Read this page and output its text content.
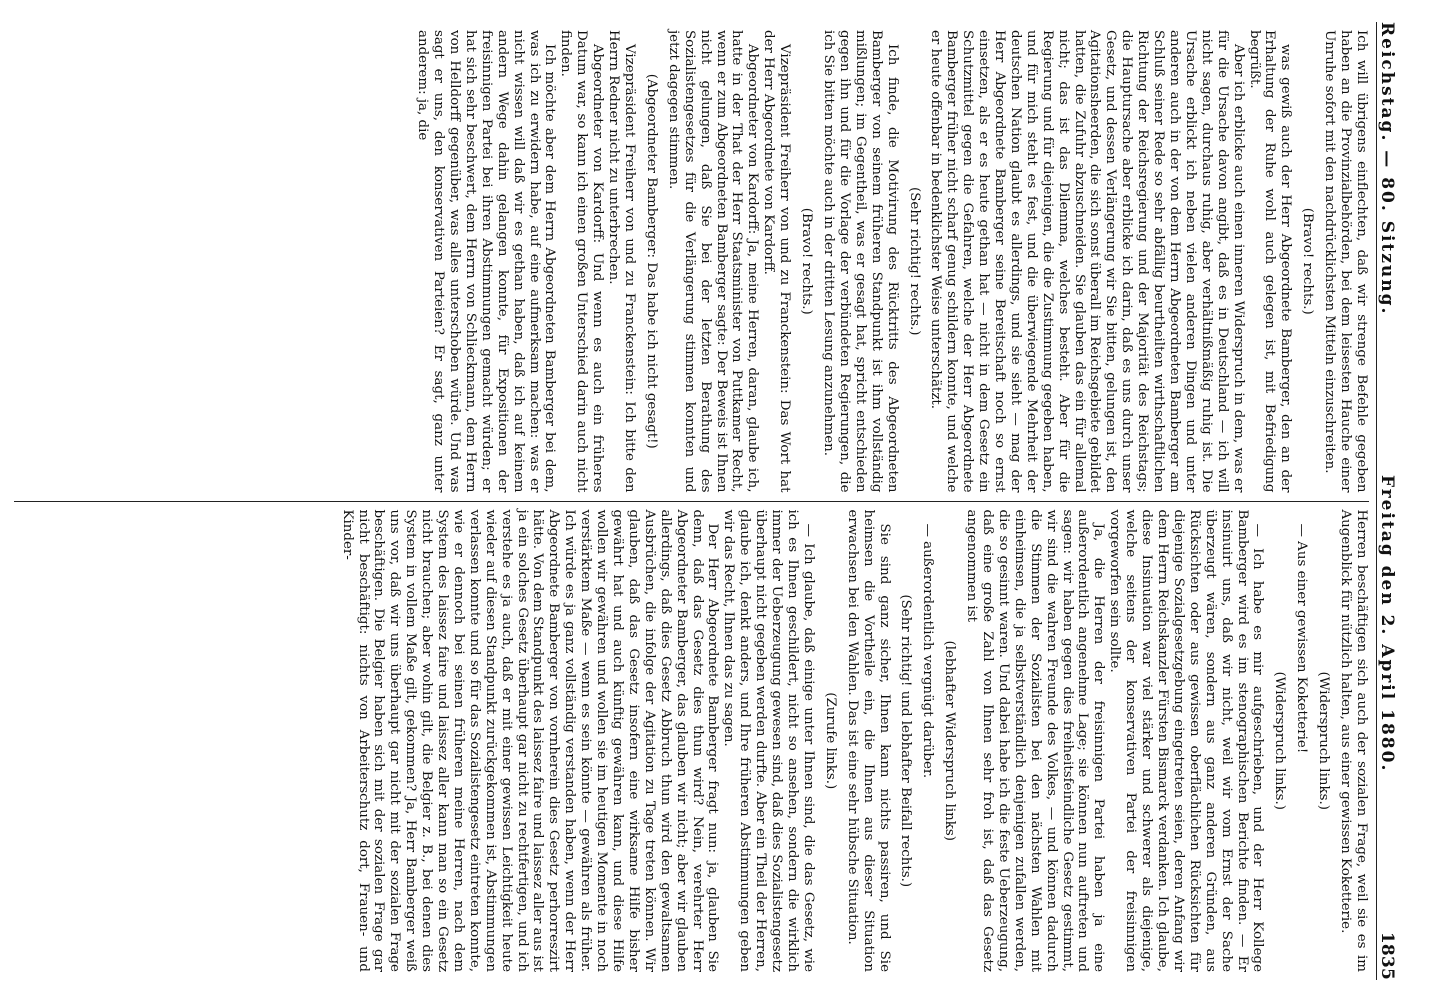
Reichstag. — 80. Sitzung.
Freitag den 2. April 1880.
1835

Ich will übrigens einflechten, daß wir strenge Befehle gegeben haben an die Provinzialbehörden, bei dem leisesten Hauche einer Unruhe sofort mit den nachdrücklichsten Mitteln einzuschreiten.

(Bravo! rechts.)

was gewiß auch der Herr Abgeordnete Bamberger, den an der Erhaltung der Ruhe wohl auch gelegen ist, mit Befriedigung begrüßt.

Aber ich erblicke auch einen inneren Widerspruch in dem, was er für die Ursache davon angibt, daß es in Deutschland — ich will nicht sagen, durchaus ruhig, aber verhältnißmäßig ruhig ist. Die Ursache erblickt ich neben vielen anderen Dingen und unter anderen auch in der von dem Herrn Abgeordneten Bamberger am Schluß seiner Rede so sehr abfällig beurtheilten wirthschaftlichen Richtung der Reichsregierung und der Majorität des Reichstags; die Hauptursache aber erblicke ich darin, daß es uns durch unser Gesetz, und dessen Verlängerung wir Sie bitten, gelungen ist, den Agitationsheerden, die sich sonst überall im Reichsgebiete gebildet hatten, die Zufuhr abzuschneiden. Sie glauben das ein für allemal nicht; das ist das Dilemma, welches besteht. Aber für die Regierung und für diejenigen, die die Zustimmung gegeben haben, und für mich steht es fest, und die überwiegende Mehrheit der deutschen Nation glaubt es allerdings, und sie sieht — mag der Herr Abgeordnete Bamberger seine Bereitschaft noch so ernst einsetzen, als er es heute gethan hat — nicht in dem Gesetz ein Schutzmittel gegen die Gefahren, welche der Herr Abgeordnete Bamberger früher nicht scharf genug schildern konnte, und welche er heute offenbar in bedenklichster Weise unterschätzt.

(Sehr richtig! rechts.)

Ich finde, die Motivirung des Rücktritts des Abgeordneten Bamberger von seinem früheren Standpunkt ist ihm vollständig mißlungen; im Gegentheil, was er gesagt hat, spricht entschieden gegen ihn und für die Vorlage der verbündeten Regierungen, die ich Sie bitten möchte auch in der dritten Lesung anzunehmen.

(Bravo! rechts.)

Vizepräsident Freiherr von und zu Franckenstein: Das Wort hat der Herr Abgeordnete von Kardorff.

Abgeordneter von Kardorff: Ja, meine Herren, daran, glaube ich, hatte in der That der Herr Staatsminister von Puttkamer Recht, wenn er zum Abgeordneten Bamberger sagte: Der Beweis ist Ihnen nicht gelungen, daß Sie bei der letzten Berathung des Sozialistengesetzes für die Verlängerung stimmen konnten und jetzt dagegen stimmen.

(Abgeordneter Bamberger: Das habe ich nicht gesagt!)

Vizepräsident Freiherr von und zu Franckenstein: Ich bitte den Herrn Redner nicht zu unterbrechen.

Abgeordneter von Kardorff: Und wenn es auch ein früheres Datum war, so kann ich einen großen Unterschied darin auch nicht finden.

Ich möchte aber dem Herrn Abgeordneten Bamberger bei dem, was ich zu erwidern habe, auf eine aufmerksam machen: was er nicht wissen will daß wir es gethan haben, daß ich auf keinem andern Wege dahin gelangen konnte, für Expositionen der freisinnigen Partei bei ihren Abstimmungen gemacht würden; er hat sich sehr beschwert, dem Herrn von Schlieckmann, dem Herrn von Helldorff gegenüber, was alles unterschoben würde. Und was sagt er uns, den konservativen Parteien? Er sagt, ganz unter anderem: ja, die

Herren beschäftigen sich auch der sozialen Frage, weil sie es im Augenblick für nützlich halten, aus einer gewissen Koketterie.

(Widerspruch links.)

— Aus einer gewissen Koketterie!

(Widerspruch links.)

— Ich habe es mir aufgeschrieben, und der Herr Kollege Bamberger wird es im stenographischen Berichte finden. — Er insinuirt uns, daß wir nicht, weil wir vom Ernst der Sache überzeugt wären, sondern aus ganz anderen Gründen, aus Rücksichten oder aus gewissen oberflächlichen Rücksichten für diejenige Sozialgesetzgebung eingetreten seien, deren Anfang wir dem Herrn Reichskanzler Fürsten Bismarck verdanken. Ich glaube, diese Insinuation war viel stärker und schwerer als diejenige, welche seitens der konservativen Partei der freisinnigen vorgeworfen sein sollte.

Ja, die Herren der freisinnigen Partei haben ja eine außerordentlich angenehme Lage; sie können nun auftreten und sagen: wir haben gegen dies freiheitsfeindliche Gesetz gestimmt, wir sind die wahren Freunde des Volkes, — und können dadurch die Stimmen der Sozialisten bei den nächsten Wahlen mit einheimsen, die ja selbstverständlich denjenigen zufallen werden, die so gesinnt waren. Und dabei habe ich die feste Ueberzeugung, daß eine große Zahl von Ihnen sehr froh ist, daß das Gesetz angenommen ist

(lebhafter Widerspruch links)

— außerordentlich vergnügt darüber.

(Sehr richtig! und lebhafter Beifall rechts.)

Sie sind ganz sicher, Ihnen kann nichts passiren, und Sie heimsen die Vortheile ein, die Ihnen aus dieser Situation erwachsen bei den Wahlen. Das ist eine sehr hübsche Situation.

(Zurufe links.)

— Ich glaube, daß einige unter Ihnen sind, die das Gesetz, wie ich es Ihnen geschildert, nicht so ansehen, sondern die wirklich immer der Ueberzeugung gewesen sind, daß dies Sozialistengesetz überhaupt nicht gegeben werden durfte. Aber ein Theil der Herren, glaube ich, denkt anders, und Ihre früheren Abstimmungen geben wir das Recht, Ihnen das zu sagen.

Der Herr Abgeordnete Bamberger fragt nun: ja, glauben Sie denn, daß das Gesetz dies thun wird? Nein, verehrter Herr Abgeordneter Bamberger, das glauben wir nicht; aber wir glauben allerdings, daß dies Gesetz Abbruch thun wird den gewaltsamen Ausbrüchen, die infolge der Agitation zu Tage treten können. Wir glauben, daß das Gesetz insofern eine wirksame Hilfe bisher gewährt hat und auch künftig gewähren kann, und diese Hilfe wollen wir gewähren und wollen sie im heutigen Momente in noch verstärktem Maße — wenn es sein könnte — gewähren als früher. Ich würde es ja ganz vollständig verstanden haben, wenn der Herr Abgeordnete Bamberger von vornherein dies Gesetz perhorreszirt hätte. Von dem Standpunkt des laissez faire und laissez aller aus ist ja ein solches Gesetz überhaupt gar nicht zu rechtfertigen, und ich verstehe es ja auch, daß er mit einer gewissen Leichtigkeit heute wieder auf diesen Standpunkt zurückgekommen ist, Abstimmungen verlassen konnte und so für das Sozialistengesetz eintreten konnte, wie er dennoch bei seinen früheren meine Herren, nach dem System des laissez faire und laissez aller kann man so ein Gesetz nicht brauchen; aber wohin gilt, die Belgier z. B., bei denen dies System in vollem Maße gilt, gekommen? Ja, Herr Bamberger weiß uns vor, daß wir uns überhaupt gar nicht mit der sozialen Frage beschäftigen. Die Belgier haben sich mit der sozialen Frage gar nicht beschäftigt: nichts von Arbeiterschutz dort, Frauen- und Kinder-
